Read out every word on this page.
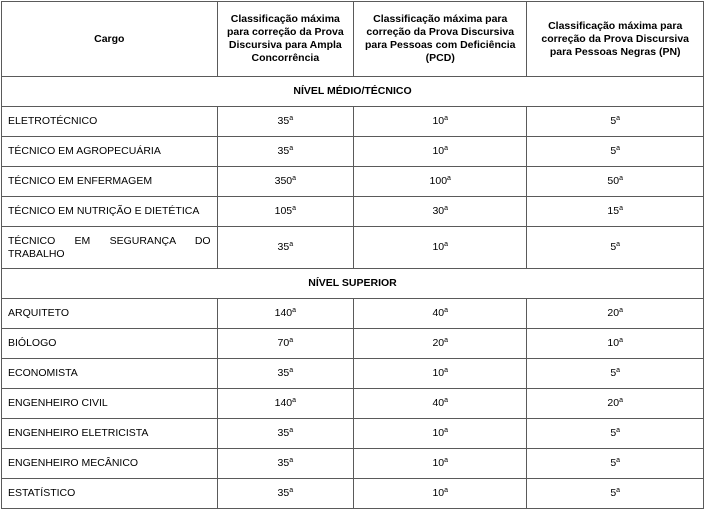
Cargo	Classificação máxima para correção da Prova Discursiva para Ampla Concorrência	Classificação máxima para correção da Prova Discursiva para Pessoas com Deficiência (PCD)	Classificação máxima para correção da Prova Discursiva para Pessoas Negras (PN)
NÍVEL MÉDIO/TÉCNICO			
ELETROTÉCNICO	35$^a$	10$^a$	5$^a$
TÉCNICO EM AGROPECUÁRIA	35$^a$	10$^a$	5$^a$
TÉCNICO EM ENFERMAGEM	350$^a$	100$^a$	50$^a$
TÉCNICO EM NUTRIÇÃO E DIETÉTICA	105$^a$	30$^a$	15$^a$
TÉCNICO EM SEGURANÇA DO TRABALHO	35$^a$	10$^a$	5$^a$
NÍVEL SUPERIOR			
ARQUITETO	140$^a$	40$^a$	20$^a$
BIÓLOGO	70$^a$	20$^a$	10$^a$
ECONOMISTA	35$^a$	10$^a$	5$^a$
ENGENHEIRO CIVIL	140$^a$	40$^a$	20$^a$
ENGENHEIRO ELETRICISTA	35$^a$	10$^a$	5$^a$
ENGENHEIRO MECÂNICO	35$^a$	10$^a$	5$^a$
ESTATÍSTICO	35$^a$	10$^a$	5$^a$
